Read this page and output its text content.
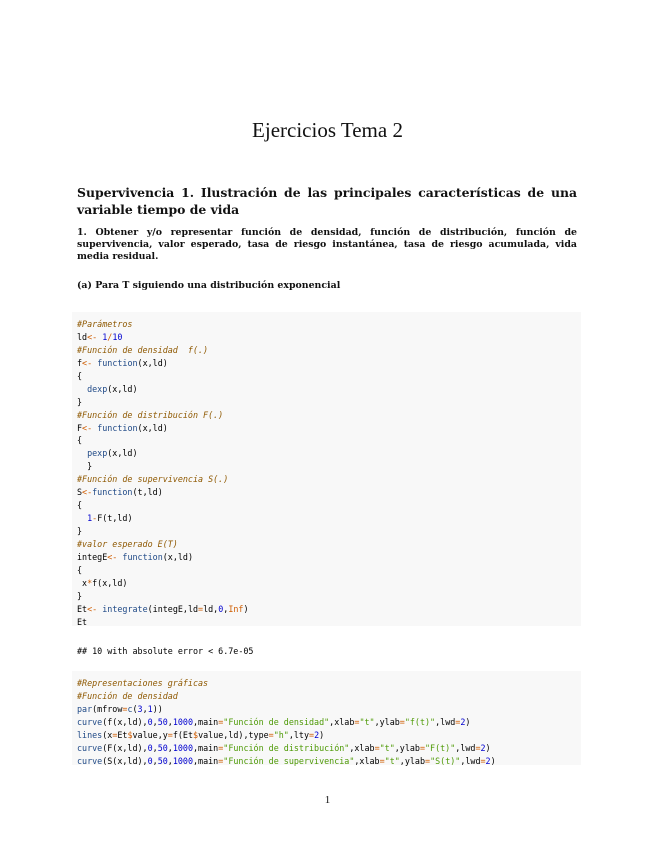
Ejercicios Tema 2
Supervivencia 1. Ilustración de las principales características de una variable tiempo de vida
1. Obtener y/o representar función de densidad, función de distribución, función de supervivencia, valor esperado, tasa de riesgo instantánea, tasa de riesgo acumulada, vida media residual.
(a) Para T siguiendo una distribución exponencial
#Parámetros
ld<- 1/10
#Función de densidad  f(.)
f<- function(x,ld)
{
dexp(x,ld)
}
#Función de distribución F(.)
F<- function(x,ld)
{
pexp(x,ld)
}
#Función de supervivencia S(.)
S<-function(t,ld)
{
1-F(t,ld)
}
#valor esperado E(T)
integE<- function(x,ld)
{
x*f(x,ld)
}
Et<- integrate(integE,ld=ld,0,Inf)
Et
## 10 with absolute error < 6.7e-05
#Representaciones gráficas
#Función de densidad
par(mfrow=c(3,1))
curve(f(x,ld),0,50,1000,main="Función de densidad",xlab="t",ylab="f(t)",lwd=2)
lines(x=Et$value,y=f(Et$value,ld),type="h",lty=2)
curve(F(x,ld),0,50,1000,main="Función de distribución",xlab="t",ylab="F(t)",lwd=2)
curve(S(x,ld),0,50,1000,main="Función de supervivencia",xlab="t",ylab="S(t)",lwd=2)
1
